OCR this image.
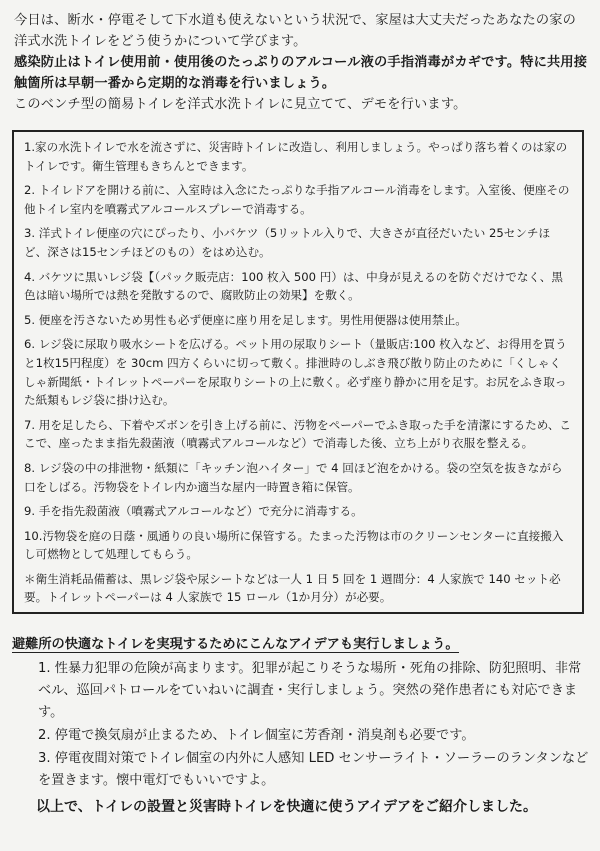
今日は、断水・停電そして下水道も使えないという状況で、家屋は大丈夫だったあなたの家の洋式水洗トイレをどう使うかについて学びます。

感染防止はトイレ使用前・使用後のたっぷりのアルコール液の手指消毒がカギです。特に共用接触箇所は早朝一番から定期的な消毒を行いましょう。

このベンチ型の簡易トイレを洋式水洗トイレに見立てて、デモを行います。

1.家の水洗トイレで水を流さずに、災害時トイレに改造し、利用しましょう。やっぱり落ち着くのは家のトイレです。衛生管理もきちんとできます。

2. トイレドアを開ける前に、入室時は入念にたっぷりな手指アルコール消毒をします。入室後、便座その他トイレ室内を噴霧式アルコールスプレーで消毒する。

3. 洋式トイレ便座の穴にぴったり、小バケツ（5リットル入りで、大きさが直径だいたい 25センチほど、深さは15センチほどのもの）をはめ込む。

4. バケツに黒いレジ袋【（パック販売店：100 枚入 500 円）は、中身が見えるのを防ぐだけでなく、黒色は暗い場所では熱を発散するので、腐敗防止の効果】を敷く。

5. 便座を汚さないため男性も必ず便座に座り用を足します。男性用便器は使用禁止。

6. レジ袋に尿取り吸水シートを広げる。ペット用の尿取りシート（量販店:100 枚入など、お得用を買うと1枚15円程度）を 30cm 四方くらいに切って敷く。排泄時のしぶき飛び散り防止のために「くしゃくしゃ新聞紙・トイレットペーパーを尿取りシートの上に敷く。必ず座り静かに用を足す。お尻をふき取った紙類もレジ袋に掛け込む。

7. 用を足したら、下着やズボンを引き上げる前に、汚物をペーパーでふき取った手を清潔にするため、ここで、座ったまま指先殺菌液（噴霧式アルコールなど）で消毒した後、立ち上がり衣服を整える。

8. レジ袋の中の排泄物・紙類に「キッチン泡ハイター」で 4 回ほど泡をかける。袋の空気を抜きながら口をしばる。汚物袋をトイレ内か適当な屋内一時置き箱に保管。

9. 手を指先殺菌液（噴霧式アルコールなど）で充分に消毒する。

10.汚物袋を庭の日蔭・風通りの良い場所に保管する。たまった汚物は市のクリーンセンターに直接搬入し可燃物として処理してもらう。

＊衛生消耗品備蓄は、黒レジ袋や尿シートなどは一人 1 日 5 回を 1 週間分：4 人家族で 140 セット必要。トイレットペーパーは 4 人家族で 15 ロール（1か月分）が必要。

避難所の快適なトイレを実現するためにこんなアイデアも実行しましょう。

1. 性暴力犯罪の危険が高まります。犯罪が起こりそうな場所・死角の排除、防犯照明、非常ベル、巡回パトロールをていねいに調査・実行しましょう。突然の発作患者にも対応できます。

2. 停電で換気扇が止まるため、トイレ個室に芳香剤・消臭剤も必要です。

3. 停電夜間対策でトイレ個室の内外に人感知 LED センサーライト・ソーラーのランタンなどを置きます。懐中電灯でもいいですよ。

以上で、トイレの設置と災害時トイレを快適に使うアイデアをご紹介しました。
